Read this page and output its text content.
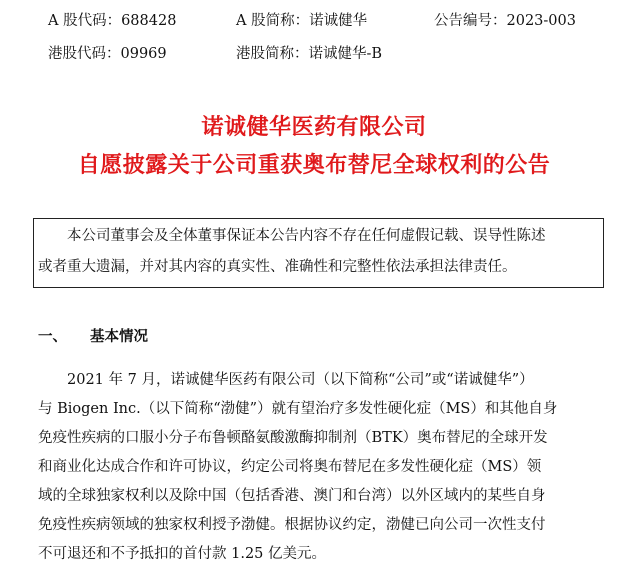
A 股代码：688428	A 股简称：诺诚健华	公告编号：2023-003
港股代码：09969	港股简称：诺诚健华-B
诺诚健华医药有限公司
自愿披露关于公司重获奥布替尼全球权利的公告
本公司董事会及全体董事保证本公告内容不存在任何虚假记载、误导性陈述
或者重大遗漏，并对其内容的真实性、准确性和完整性依法承担法律责任。
一、 基本情况
2021 年 7 月，诺诚健华医药有限公司（以下简称“公司”或“诺诚健华”）
与 Biogen Inc.（以下简称“渤健”）就有望治疗多发性硬化症（MS）和其他自身
免疫性疾病的口服小分子布鲁顿酪氨酸激酶抑制剂（BTK）奥布替尼的全球开发
和商业化达成合作和许可协议，约定公司将奥布替尼在多发性硬化症（MS）领
域的全球独家权利以及除中国（包括香港、澳门和台湾）以外区域内的某些自身
免疫性疾病领域的独家权利授予渤健。根据协议约定，渤健已向公司一次性支付
不可退还和不予抵扣的首付款 1.25 亿美元。
